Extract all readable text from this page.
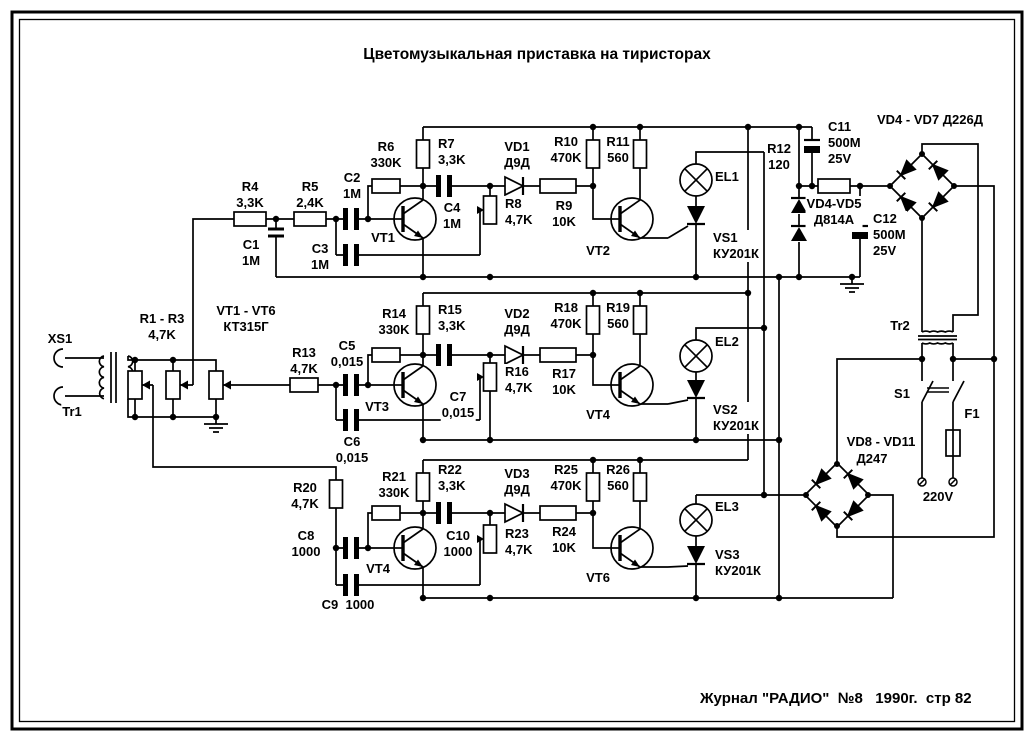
Цветомузыкальная приставка на тиристорах
XS1
Tr1
R1 - R3
4,7K
VT1 - VT6
КТ315Г
R13
4,7K
R4
3,3K
C1
1M
R5
2,4K
C2
1M
C3
1M
R6
330K
R7
3,3K
C4
1M
VT1
VD1
Д9Д
R8
4,7K
R9
10K
R10
470K
R11
560
EL1
VS1
КУ201К
VT2
R12
120
C11
500M
25V
VD4 - VD7 Д226Д
VD4-VD5
Д814А	C12
500M
25V
Tr2
S1
F1
VD8 - VD11
Д247
220V
R14
330K
R15
3,3K
C5
0,015
VT3
C7
0,015
R16
4,7K
C6
0,015
VD2
Д9Д
R17
10K
R18
470K
R19
560
VT4
EL2
VS2
КУ201К
R20
4,7K
R21
330K
R22
3,3K
C8
1000
C9  1000
VT4
C10
1000
R23
4,7K
VD3
Д9Д
R24
10K
R25
470K
R26
560
VT6
EL3
VS3
КУ201К
Журнал "РАДИО"  №8   1990г.  стр 82
